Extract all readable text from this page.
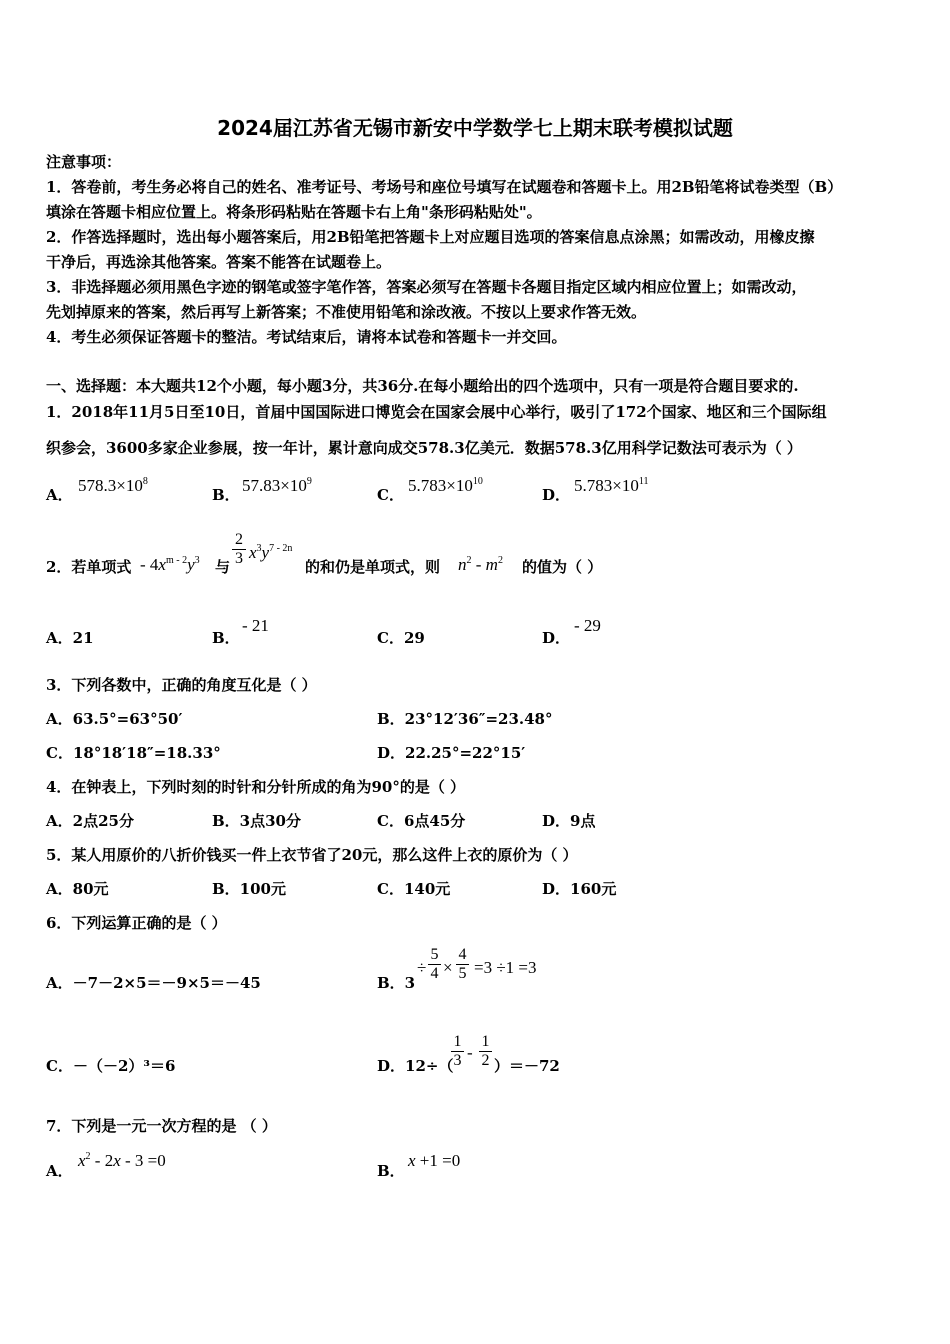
2024届江苏省无锡市新安中学数学七上期末联考模拟试题
注意事项：
1．答卷前，考生务必将自己的姓名、准考证号、考场号和座位号填写在试题卷和答题卡上。用2B铅笔将试卷类型（B）
填涂在答题卡相应位置上。将条形码粘贴在答题卡右上角"条形码粘贴处"。
2．作答选择题时，选出每小题答案后，用2B铅笔把答题卡上对应题目选项的答案信息点涂黑；如需改动，用橡皮擦
干净后，再选涂其他答案。答案不能答在试题卷上。
3．非选择题必须用黑色字迹的钢笔或签字笔作答，答案必须写在答题卡各题目指定区域内相应位置上；如需改动，
先划掉原来的答案，然后再写上新答案；不准使用铅笔和涂改液。不按以上要求作答无效。
4．考生必须保证答题卡的整洁。考试结束后，请将本试卷和答题卡一并交回。
一、选择题：本大题共12个小题，每小题3分，共36分.在每小题给出的四个选项中，只有一项是符合题目要求的.
1．2018年11月5日至10日，首届中国国际进口博览会在国家会展中心举行，吸引了172个国家、地区和三个国际组
织参会，3600多家企业参展，按一年计，累计意向成交578.3亿美元．数据578.3亿用科学记数法可表示为（ ）
A． $578.3\times 10^8$
B． $57.83\times 10^9$
C． $5.783\times 10^{10}$
D． $5.783\times 10^{11}$
2．若单项式 - $4x^{m - 2}y^3$ 与 $\frac{2}{3} x^3y^{7 - 2n}$
的和仍是单项式，则 $n^2 - m^2$ 的值为（ ）
A．21	B．
- 21
C．29	D．
- 29
3．下列各数中，正确的角度互化是（ ）
A．63.5°=63°50′	B．23°12′36″=23.48°
C．18°18′18″=18.33°	D．22.25°=22°15′
4．在钟表上，下列时刻的时针和分针所成的角为90°的是（ ）
A．2点25分	B．3点30分	C．6点45分	D．9点
5．某人用原价的八折价钱买一件上衣节省了20元，那么这件上衣的原价为（ ）
A．80元	B．100元	C．140元	D．160元
6．下列运算正确的是（ ）
A．－7－2×5＝－9×5＝－45	B．3
÷ $\frac{5}{4} \times \frac{4}{5} =3 \div 1 =3$
C．－（－2）³＝6	D．12÷（
$\frac{1}{3} - \frac{1}{2} )=-72$
7．下列是一元一次方程的是 （ ）
A．
$x^2 - 2x - 3 =0$
B．
x +1 =0
